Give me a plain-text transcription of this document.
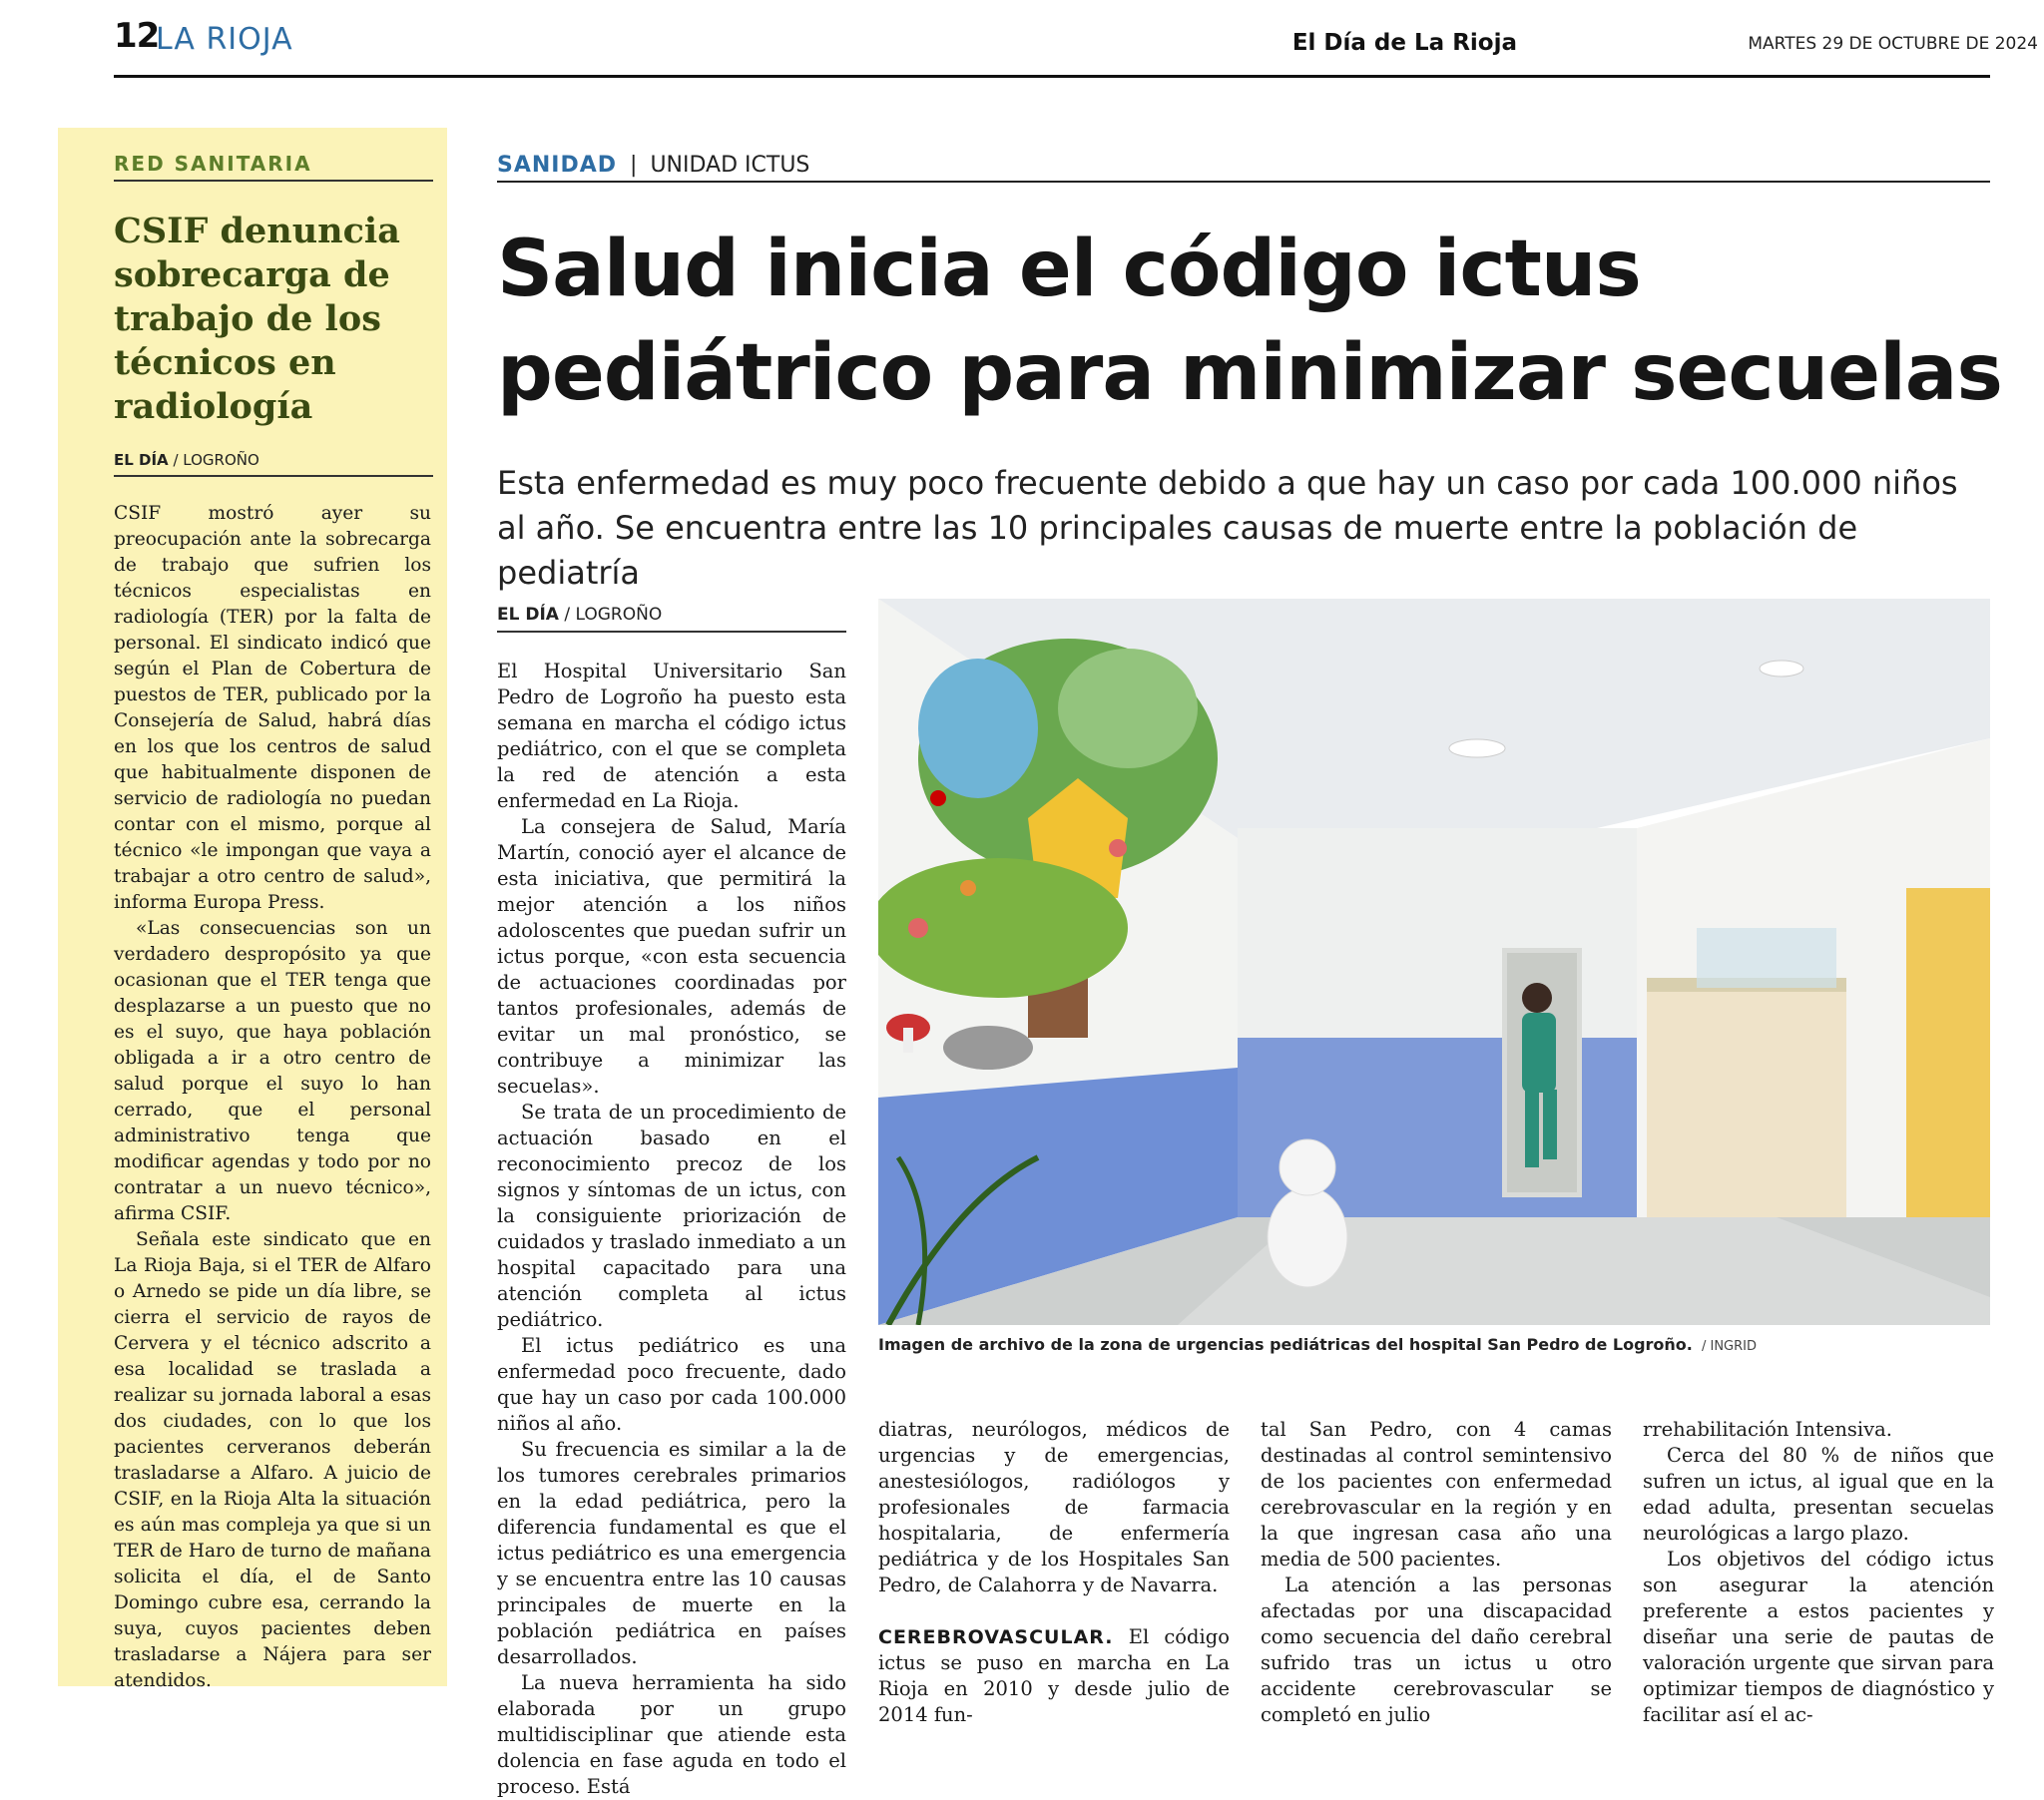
12
LA RIOJA	El Día de La Rioja	MARTES 29 DE OCTUBRE DE 2024
RED SANITARIA
CSIF denuncia sobrecarga de trabajo de los técnicos en radiología
EL DÍA / LOGROÑO

CSIF mostró ayer su preocupación ante la sobrecarga de trabajo que sufrien los técnicos especialistas en radiología (TER) por la falta de personal. El sindicato indicó que según el Plan de Cobertura de puestos de TER, publicado por la Consejería de Salud, habrá días en los que los centros de salud que habitualmente disponen de servicio de radiología no puedan contar con el mismo, porque al técnico «le impongan que vaya a trabajar a otro centro de salud», informa Europa Press.

«Las consecuencias son un verdadero despropósito ya que ocasionan que el TER tenga que desplazarse a un puesto que no es el suyo, que haya población obligada a ir a otro centro de salud porque el suyo lo han cerrado, que el personal administrativo tenga que modificar agendas y todo por no contratar a un nuevo técnico», afirma CSIF.

Señala este sindicato que en La Rioja Baja, si el TER de Alfaro o Arnedo se pide un día libre, se cierra el servicio de rayos de Cervera y el técnico adscrito a esa localidad se traslada a realizar su jornada laboral a esas dos ciudades, con lo que los pacientes cerveranos deberán trasladarse a Alfaro. A juicio de CSIF, en la Rioja Alta la situación es aún mas compleja ya que si un TER de Haro de turno de mañana solicita el día, el de Santo Domingo cubre esa, cerrando la suya, cuyos pacientes deben trasladarse a Nájera para ser atendidos.

SANIDAD | UNIDAD ICTUS
Salud inicia el código ictus pediátrico para minimizar secuelas
Esta enfermedad es muy poco frecuente debido a que hay un caso por cada 100.000 niños al año. Se encuentra entre las 10 principales causas de muerte entre la población de pediatría
EL DÍA / LOGROÑO

El Hospital Universitario San Pedro de Logroño ha puesto esta semana en marcha el código ictus pediátrico, con el que se completa la red de atención a esta enfermedad en La Rioja.

La consejera de Salud, María Martín, conoció ayer el alcance de esta iniciativa, que permitirá la mejor atención a los niños adoloscentes que puedan sufrir un ictus porque, «con esta secuencia de actuaciones coordinadas por tantos profesionales, además de evitar un mal pronóstico, se contribuye a minimizar las secuelas».

Se trata de un procedimiento de actuación basado en el reconocimiento precoz de los signos y síntomas de un ictus, con la consiguiente priorización de cuidados y traslado inmediato a un hospital capacitado para una atención completa al ictus pediátrico.

El ictus pediátrico es una enfermedad poco frecuente, dado que hay un caso por cada 100.000 niños al año.

Su frecuencia es similar a la de los tumores cerebrales primarios en la edad pediátrica, pero la diferencia fundamental es que el ictus pediátrico es una emergencia y se encuentra entre las 10 causas principales de muerte en la población pediátrica en países desarrollados.

La nueva herramienta ha sido elaborada por un grupo multidisciplinar que atiende esta dolencia en fase aguda en todo el proceso. Está

Imagen de archivo de la zona de urgencias pediátricas del hospital San Pedro de Logroño. / INGRID

diatras, neurólogos, médicos de urgencias y de emergencias, anestesiólogos, radiólogos y profesionales de farmacia hospitalaria, de enfermería pediátrica y de los Hospitales San Pedro, de Calahorra y de Navarra.

CEREBROVASCULAR. El código ictus se puso en marcha en La Rioja en 2010 y desde julio de 2014 fun-

tal San Pedro, con 4 camas destinadas al control semintensivo de los pacientes con enfermedad cerebrovascular en la región y en la que ingresan casa año una media de 500 pacientes.

La atención a las personas afectadas por una discapacidad como secuencia del daño cerebral sufrido tras un ictus u otro accidente cerebrovascular se completó en julio

rrehabilitación Intensiva.

Cerca del 80 % de niños que sufren un ictus, al igual que en la edad adulta, presentan secuelas neurológicas a largo plazo.

Los objetivos del código ictus son asegurar la atención preferente a estos pacientes y diseñar una serie de pautas de valoración urgente que sirvan para optimizar tiempos de diagnóstico y facilitar así el ac-
